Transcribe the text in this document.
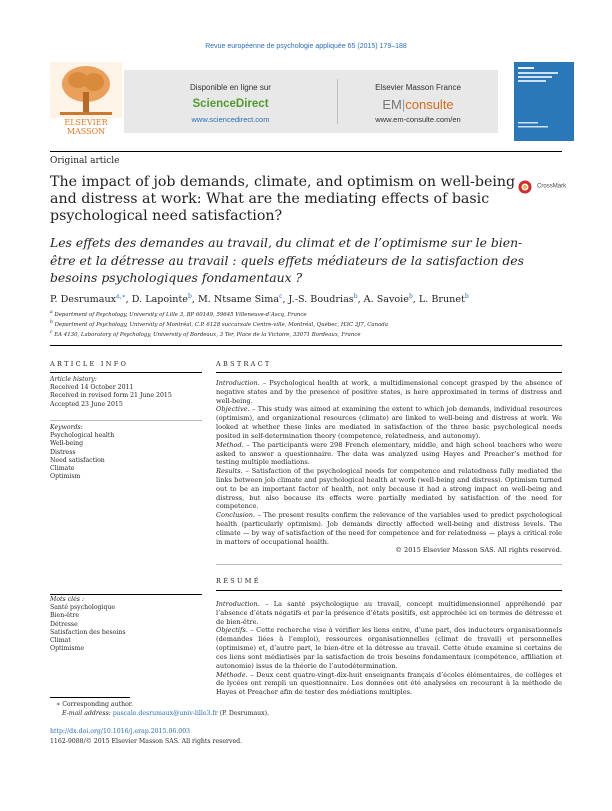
Revue européenne de psychologie appliquée 65 (2015) 179–188
ELSEVIER
MASSON
Disponible en ligne sur
ScienceDirect
www.sciencedirect.com
Elsevier Masson France
EM|consulte
www.em-consulte.com/en
Original article
The impact of job demands, climate, and optimism on well-being and distress at work: What are the mediating effects of basic psychological need satisfaction?
CrossMark
Les effets des demandes au travail, du climat et de l’optimisme sur le bien-être et la détresse au travail : quels effets médiateurs de la satisfaction des besoins psychologiques fondamentaux ?
P. Desrumaux$^{a,∗}$, D. Lapointe$^b$, M. Ntsame Sima$^c$, J.-S. Boudrias$^b$, A. Savoie$^b$, L. Brunet$^b$
$^a$ Department of Psychology, University of Lille 3, BP 60149, 59645 Villeneuve-d’Ascq, France
$^b$ Department of Psychology, University of Montréal, C.P. 6128 succursale Centre-ville, Montréal, Québec, H3C 3J7, Canada
$^c$ EA 4130, Laboratory of Psychology, University of Bordeaux, 3 Ter, Place de la Victoire, 33071 Bordeaux, France
ARTICLE INFO
Article history:
Received 14 October 2011
Received in revised form 21 June 2015
Accepted 23 June 2015
Keywords:
Psychological health
Well-being
Distress
Need satisfaction
Climate
Optimism
ABSTRACT

Introduction. – Psychological health at work, a multidimensional concept grasped by the absence of negative states and by the presence of positive states, is here approximated in terms of distress and well-being.

Objective. – This study was aimed at examining the extent to which job demands, individual resources (optimism), and organizational resources (climate) are linked to well-being and distress at work. We looked at whether these links are mediated in satisfaction of the three basic psychological needs posited in self-determination theory (competence, relatedness, and autonomy).

Method. – The participants were 298 French elementary, middle, and high school teachers who were asked to answer a questionnaire. The data was analyzed using Hayes and Preacher’s method for testing multiple mediations.

Results. – Satisfaction of the psychological needs for competence and relatedness fully mediated the links between job climate and psychological health at work (well-being and distress). Optimism turned out to be an important factor of health, not only because it had a strong impact on well-being and distress, but also because its effects were partially mediated by satisfaction of the need for competence.

Conclusion. – The present results confirm the relevance of the variables used to predict psychological health (particularly optimism). Job demands directly affected well-being and distress levels. The climate — by way of satisfaction of the need for competence and for relatedness — plays a critical role in matters of occupational health.

© 2015 Elsevier Masson SAS. All rights reserved.

RÉSUMÉ
Mots clés :
Santé psychologique
Bien-être
Détresse
Satisfaction des besoins
Climat
Optimisme

Introduction. – La santé psychologique au travail, concept multidimensionnel appréhendé par l’absence d’états négatifs et par la présence d’états positifs, est approchée ici en termes de détresse et de bien-être.

Objectifs. – Cette recherche vise à vérifier les liens entre, d’une part, des inducteurs organisationnels (demandes liées à l’emploi), ressources organisationnelles (climat de travail) et personnelles (optimisme) et, d’autre part, le bien-être et la détresse au travail. Cette étude examine si certains de ces liens sont médiatisés par la satisfaction de trois besoins fondamentaux (compétence, affiliation et autonomie) issus de la théorie de l’autodétermination.

Méthode. – Deux cent quatre-vingt-dix-huit enseignants français d’écoles élémentaires, de collèges et de lycées ont rempli un questionnaire. Les données ont été analysées en recourant à la méthode de Hayes et Preacher afin de tester des médiations multiples.

∗ Corresponding author.
E-mail address: pascale.desrumaux@univ-lille3.fr (P. Desrumaux).
http://dx.doi.org/10.1016/j.erap.2015.06.003
1162-9088/© 2015 Elsevier Masson SAS. All rights reserved.
